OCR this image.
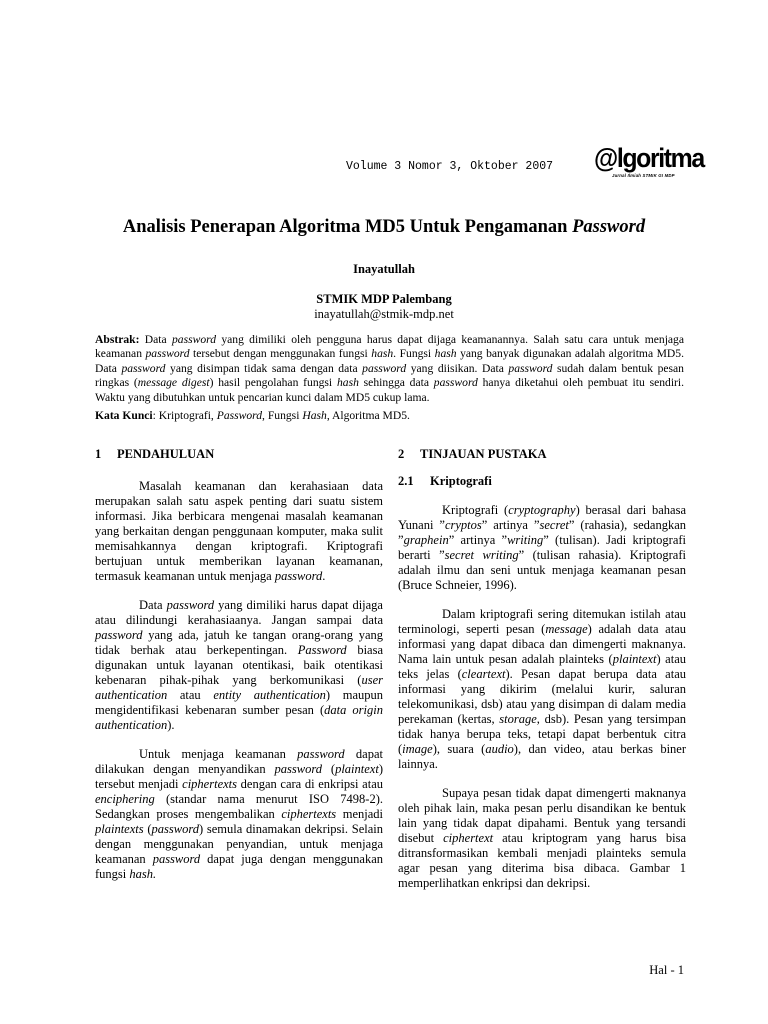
Volume 3 Nomor 3, Oktober 2007 @lgoritma
Jurnal Ilmiah STMIK GI MDP
Analisis Penerapan Algoritma MD5 Untuk Pengamanan Password
Inayatullah
STMIK MDP Palembang
inayatullah@stmik-mdp.net
Abstrak: Data password yang dimiliki oleh pengguna harus dapat dijaga keamanannya. Salah satu cara untuk menjaga keamanan password tersebut dengan menggunakan fungsi hash. Fungsi hash yang banyak digunakan adalah algoritma MD5. Data password yang disimpan tidak sama dengan data password yang diisikan. Data password sudah dalam bentuk pesan ringkas (message digest) hasil pengolahan fungsi hash sehingga data password hanya diketahui oleh pembuat itu sendiri. Waktu yang dibutuhkan untuk pencarian kunci dalam MD5 cukup lama.
Kata Kunci: Kriptografi, Password, Fungsi Hash, Algoritma MD5.
1 PENDAHULUAN

Masalah keamanan dan kerahasiaan data merupakan salah satu aspek penting dari suatu sistem informasi. Jika berbicara mengenai masalah keamanan yang berkaitan dengan penggunaan komputer, maka sulit memisahkannya dengan kriptografi. Kriptografi bertujuan untuk memberikan layanan keamanan, termasuk keamanan untuk menjaga password.

Data password yang dimiliki harus dapat dijaga atau dilindungi kerahasiaanya. Jangan sampai data password yang ada, jatuh ke tangan orang-orang yang tidak berhak atau berkepentingan. Password biasa digunakan untuk layanan otentikasi, baik otentikasi kebenaran pihak-pihak yang berkomunikasi (user authentication atau entity authentication) maupun mengidentifikasi kebenaran sumber pesan (data origin authentication).

Untuk menjaga keamanan password dapat dilakukan dengan menyandikan password (plaintext) tersebut menjadi ciphertexts dengan cara di enkripsi atau enciphering (standar nama menurut ISO 7498-2). Sedangkan proses mengembalikan ciphertexts menjadi plaintexts (password) semula dinamakan dekripsi. Selain dengan menggunakan penyandian, untuk menjaga keamanan password dapat juga dengan menggunakan fungsi hash.

2 TINJAUAN PUSTAKA
2.1 Kriptografi

Kriptografi (cryptography) berasal dari bahasa Yunani ”cryptos” artinya ”secret” (rahasia), sedangkan ”graphein” artinya ”writing” (tulisan). Jadi kriptografi berarti ”secret writing” (tulisan rahasia). Kriptografi adalah ilmu dan seni untuk menjaga keamanan pesan (Bruce Schneier, 1996).

Dalam kriptografi sering ditemukan istilah atau terminologi, seperti pesan (message) adalah data atau informasi yang dapat dibaca dan dimengerti maknanya. Nama lain untuk pesan adalah plainteks (plaintext) atau teks jelas (cleartext). Pesan dapat berupa data atau informasi yang dikirim (melalui kurir, saluran telekomunikasi, dsb) atau yang disimpan di dalam media perekaman (kertas, storage, dsb). Pesan yang tersimpan tidak hanya berupa teks, tetapi dapat berbentuk citra (image), suara (audio), dan video, atau berkas biner lainnya.

Supaya pesan tidak dapat dimengerti maknanya oleh pihak lain, maka pesan perlu disandikan ke bentuk lain yang tidak dapat dipahami. Bentuk yang tersandi disebut ciphertext atau kriptogram yang harus bisa ditransformasikan kembali menjadi plainteks semula agar pesan yang diterima bisa dibaca. Gambar 1 memperlihatkan enkripsi dan dekripsi.

Hal - 1
